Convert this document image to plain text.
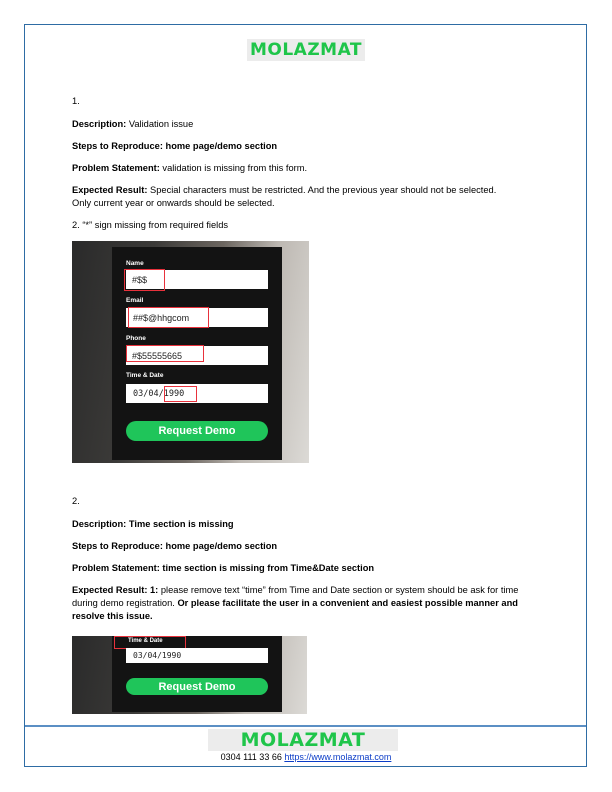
MOLAZMAT
1.
Description: Validation issue
Steps to Reproduce: home page/demo section
Problem Statement: validation is missing from this form.
Expected Result: Special characters must be restricted. And the previous year should not be selected.
Only current year or onwards should be selected.
2. “*” sign missing from required fields
Name
#$$
Email
##$@hhgcom
Phone
#$55555665
Time & Date
03/04/ 1990
Request Demo
2.
Description: Time section is missing
Steps to Reproduce: home page/demo section
Problem Statement: time section is missing from Time&Date section
Expected Result: 1: please remove text “time” from Time and Date section or system should be ask for time during demo registration. Or please facilitate the user in a convenient and easiest possible manner and resolve this issue.
Time & Date
03/04/1990
Request Demo
MOLAZMAT
0304 111 33 66 https://www.molazmat.com
